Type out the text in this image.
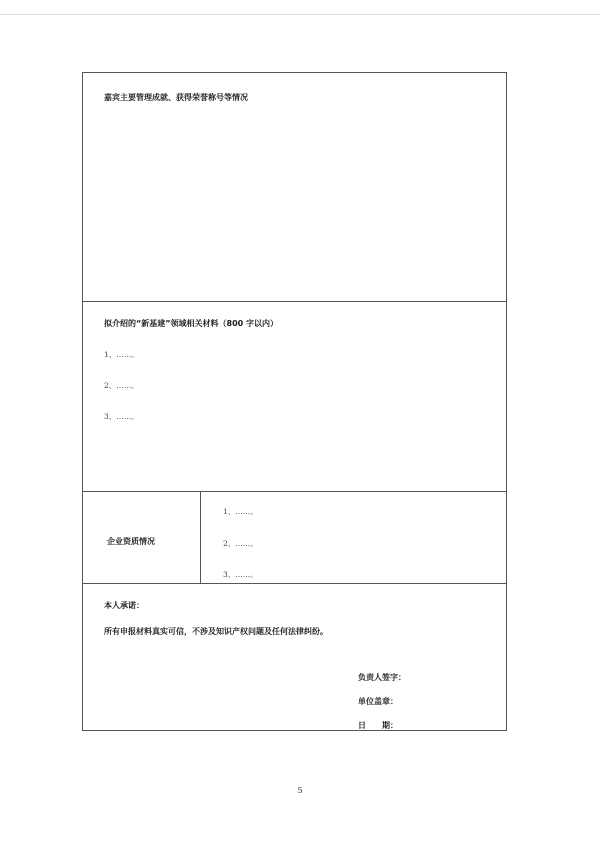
嘉宾主要管理成就、获得荣誉称号等情况
拟介绍的“新基建”领域相关材料（800 字以内）
1、……。
2、……。
3、……。
企业资质情况
1、……。
2、……。
3、……。
本人承诺：
所有申报材料真实可信，不涉及知识产权问题及任何法律纠纷。
负责人签字：
单位盖章：
日　　期：
5
